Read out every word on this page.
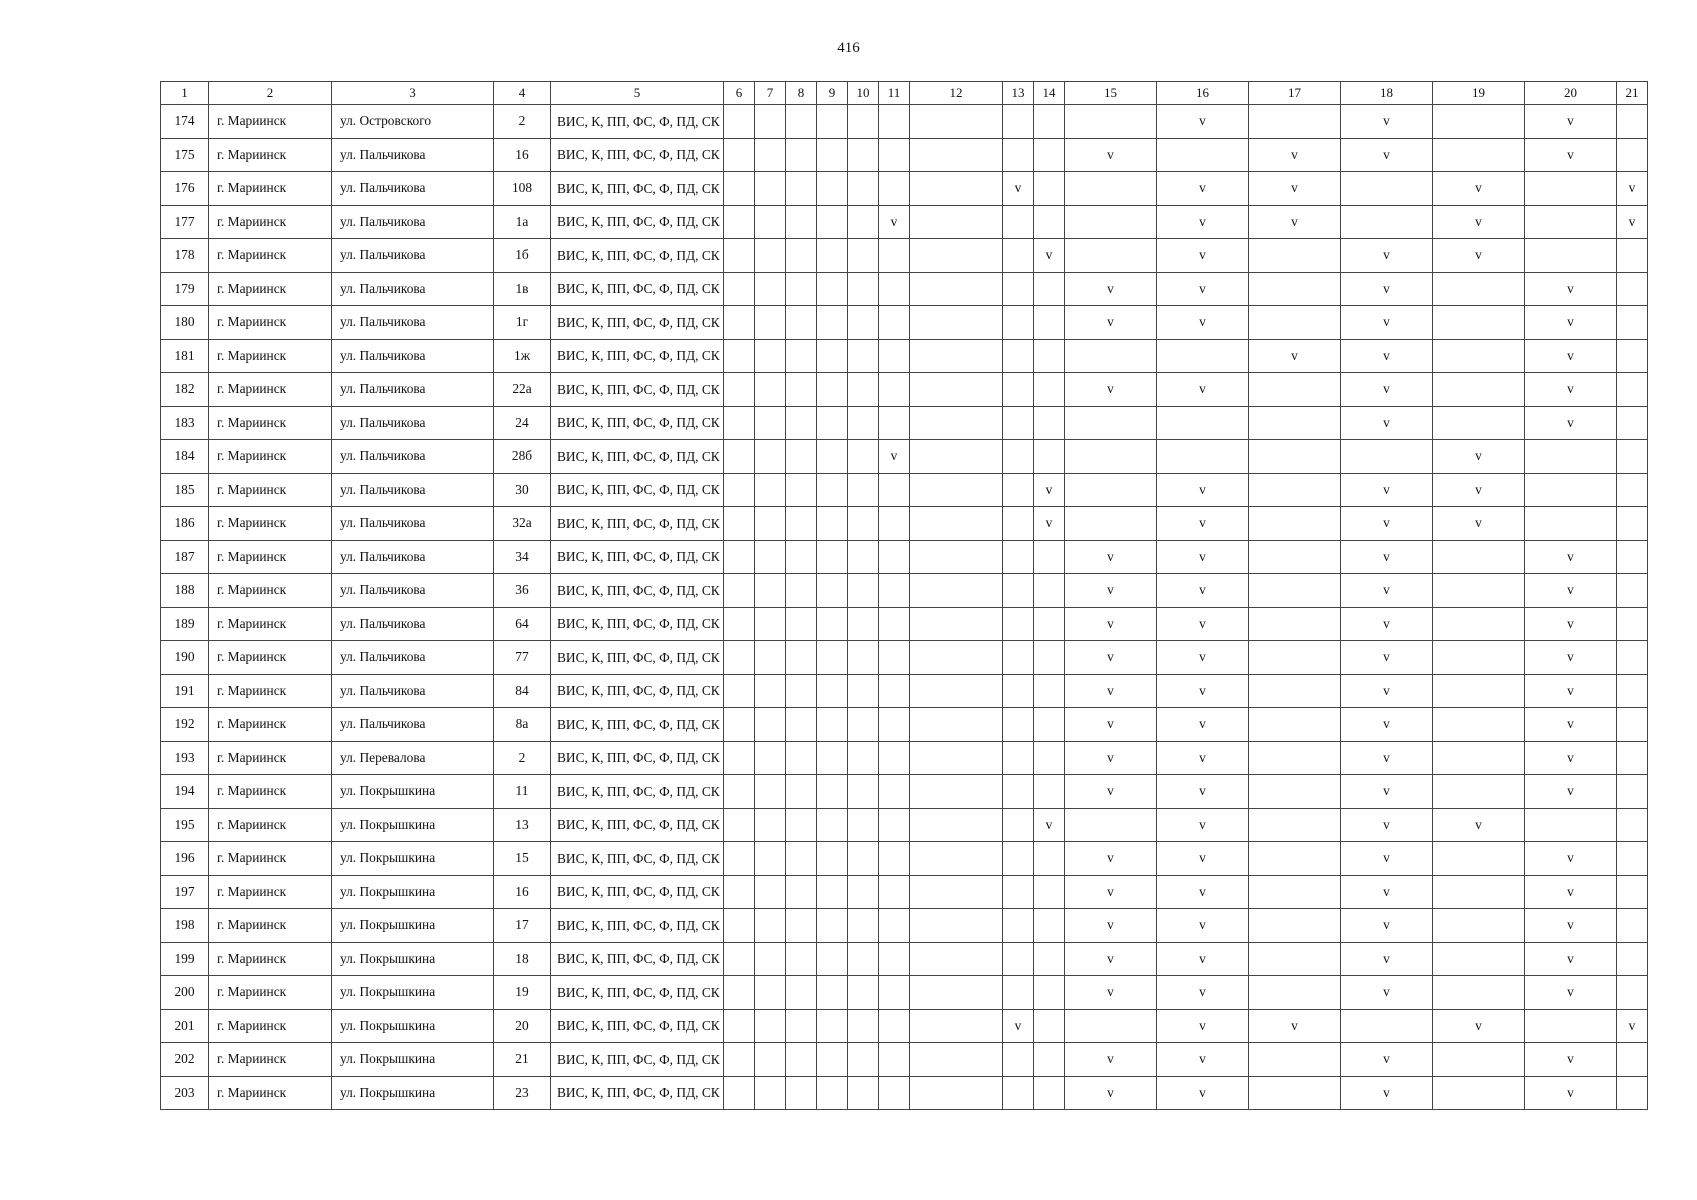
416
1	2	3	4	5	6	7	8	9	10	11	12	13	14	15	16	17	18	19	20	21
174	г. Мариинск	ул. Островского	2	ВИС, К, ПП, ФС, Ф, ПД, СК											v		v		v	
175	г. Мариинск	ул. Пальчикова	16	ВИС, К, ПП, ФС, Ф, ПД, СК										v		v	v		v	
176	г. Мариинск	ул. Пальчикова	108	ВИС, К, ПП, ФС, Ф, ПД, СК								v			v	v		v		v
177	г. Мариинск	ул. Пальчикова	1а	ВИС, К, ПП, ФС, Ф, ПД, СК						v					v	v		v		v
178	г. Мариинск	ул. Пальчикова	1б	ВИС, К, ПП, ФС, Ф, ПД, СК									v		v		v	v		
179	г. Мариинск	ул. Пальчикова	1в	ВИС, К, ПП, ФС, Ф, ПД, СК										v	v		v		v	
180	г. Мариинск	ул. Пальчикова	1г	ВИС, К, ПП, ФС, Ф, ПД, СК										v	v		v		v	
181	г. Мариинск	ул. Пальчикова	1ж	ВИС, К, ПП, ФС, Ф, ПД, СК												v	v		v	
182	г. Мариинск	ул. Пальчикова	22а	ВИС, К, ПП, ФС, Ф, ПД, СК										v	v		v		v	
183	г. Мариинск	ул. Пальчикова	24	ВИС, К, ПП, ФС, Ф, ПД, СК													v		v	
184	г. Мариинск	ул. Пальчикова	28б	ВИС, К, ПП, ФС, Ф, ПД, СК						v								v		
185	г. Мариинск	ул. Пальчикова	30	ВИС, К, ПП, ФС, Ф, ПД, СК									v		v		v	v		
186	г. Мариинск	ул. Пальчикова	32а	ВИС, К, ПП, ФС, Ф, ПД, СК									v		v		v	v		
187	г. Мариинск	ул. Пальчикова	34	ВИС, К, ПП, ФС, Ф, ПД, СК										v	v		v		v	
188	г. Мариинск	ул. Пальчикова	36	ВИС, К, ПП, ФС, Ф, ПД, СК										v	v		v		v	
189	г. Мариинск	ул. Пальчикова	64	ВИС, К, ПП, ФС, Ф, ПД, СК										v	v		v		v	
190	г. Мариинск	ул. Пальчикова	77	ВИС, К, ПП, ФС, Ф, ПД, СК										v	v		v		v	
191	г. Мариинск	ул. Пальчикова	84	ВИС, К, ПП, ФС, Ф, ПД, СК										v	v		v		v	
192	г. Мариинск	ул. Пальчикова	8а	ВИС, К, ПП, ФС, Ф, ПД, СК										v	v		v		v	
193	г. Мариинск	ул. Перевалова	2	ВИС, К, ПП, ФС, Ф, ПД, СК										v	v		v		v	
194	г. Мариинск	ул. Покрышкина	11	ВИС, К, ПП, ФС, Ф, ПД, СК										v	v		v		v	
195	г. Мариинск	ул. Покрышкина	13	ВИС, К, ПП, ФС, Ф, ПД, СК									v		v		v	v		
196	г. Мариинск	ул. Покрышкина	15	ВИС, К, ПП, ФС, Ф, ПД, СК										v	v		v		v	
197	г. Мариинск	ул. Покрышкина	16	ВИС, К, ПП, ФС, Ф, ПД, СК										v	v		v		v	
198	г. Мариинск	ул. Покрышкина	17	ВИС, К, ПП, ФС, Ф, ПД, СК										v	v		v		v	
199	г. Мариинск	ул. Покрышкина	18	ВИС, К, ПП, ФС, Ф, ПД, СК										v	v		v		v	
200	г. Мариинск	ул. Покрышкина	19	ВИС, К, ПП, ФС, Ф, ПД, СК										v	v		v		v	
201	г. Мариинск	ул. Покрышкина	20	ВИС, К, ПП, ФС, Ф, ПД, СК								v			v	v		v		v
202	г. Мариинск	ул. Покрышкина	21	ВИС, К, ПП, ФС, Ф, ПД, СК										v	v		v		v	
203	г. Мариинск	ул. Покрышкина	23	ВИС, К, ПП, ФС, Ф, ПД, СК										v	v		v		v	
